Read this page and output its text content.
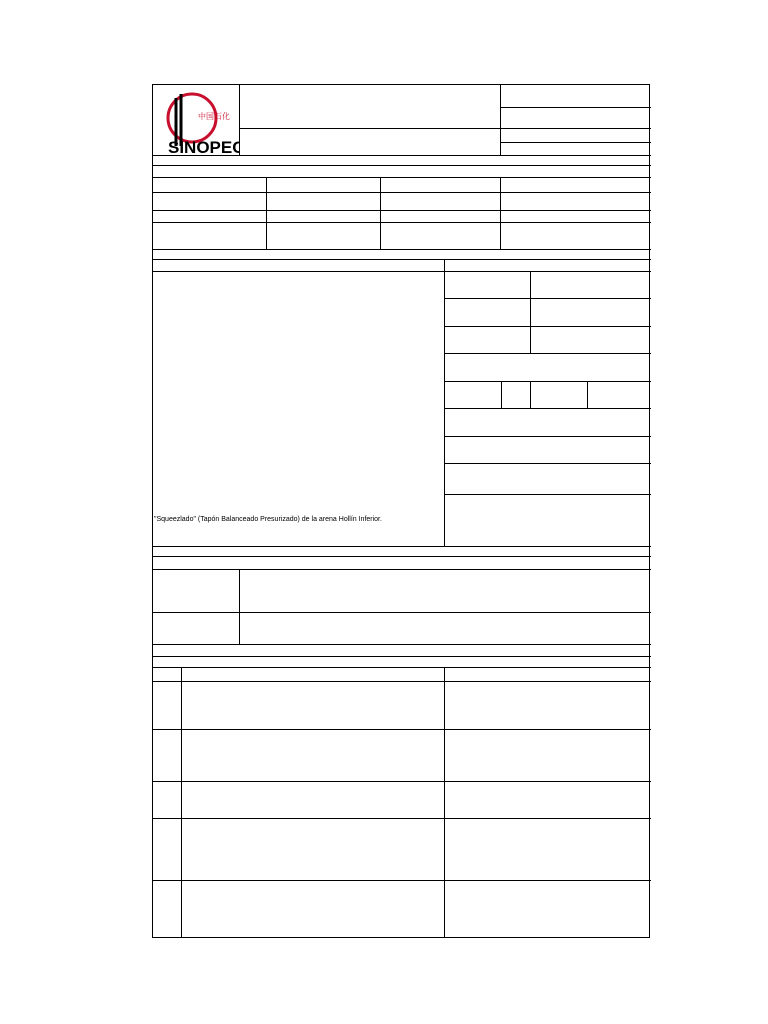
中国石化
SINOPEC
"Squeezlado" (Tapón Balanceado Presurizado) de la arena Hollín Inferior.
